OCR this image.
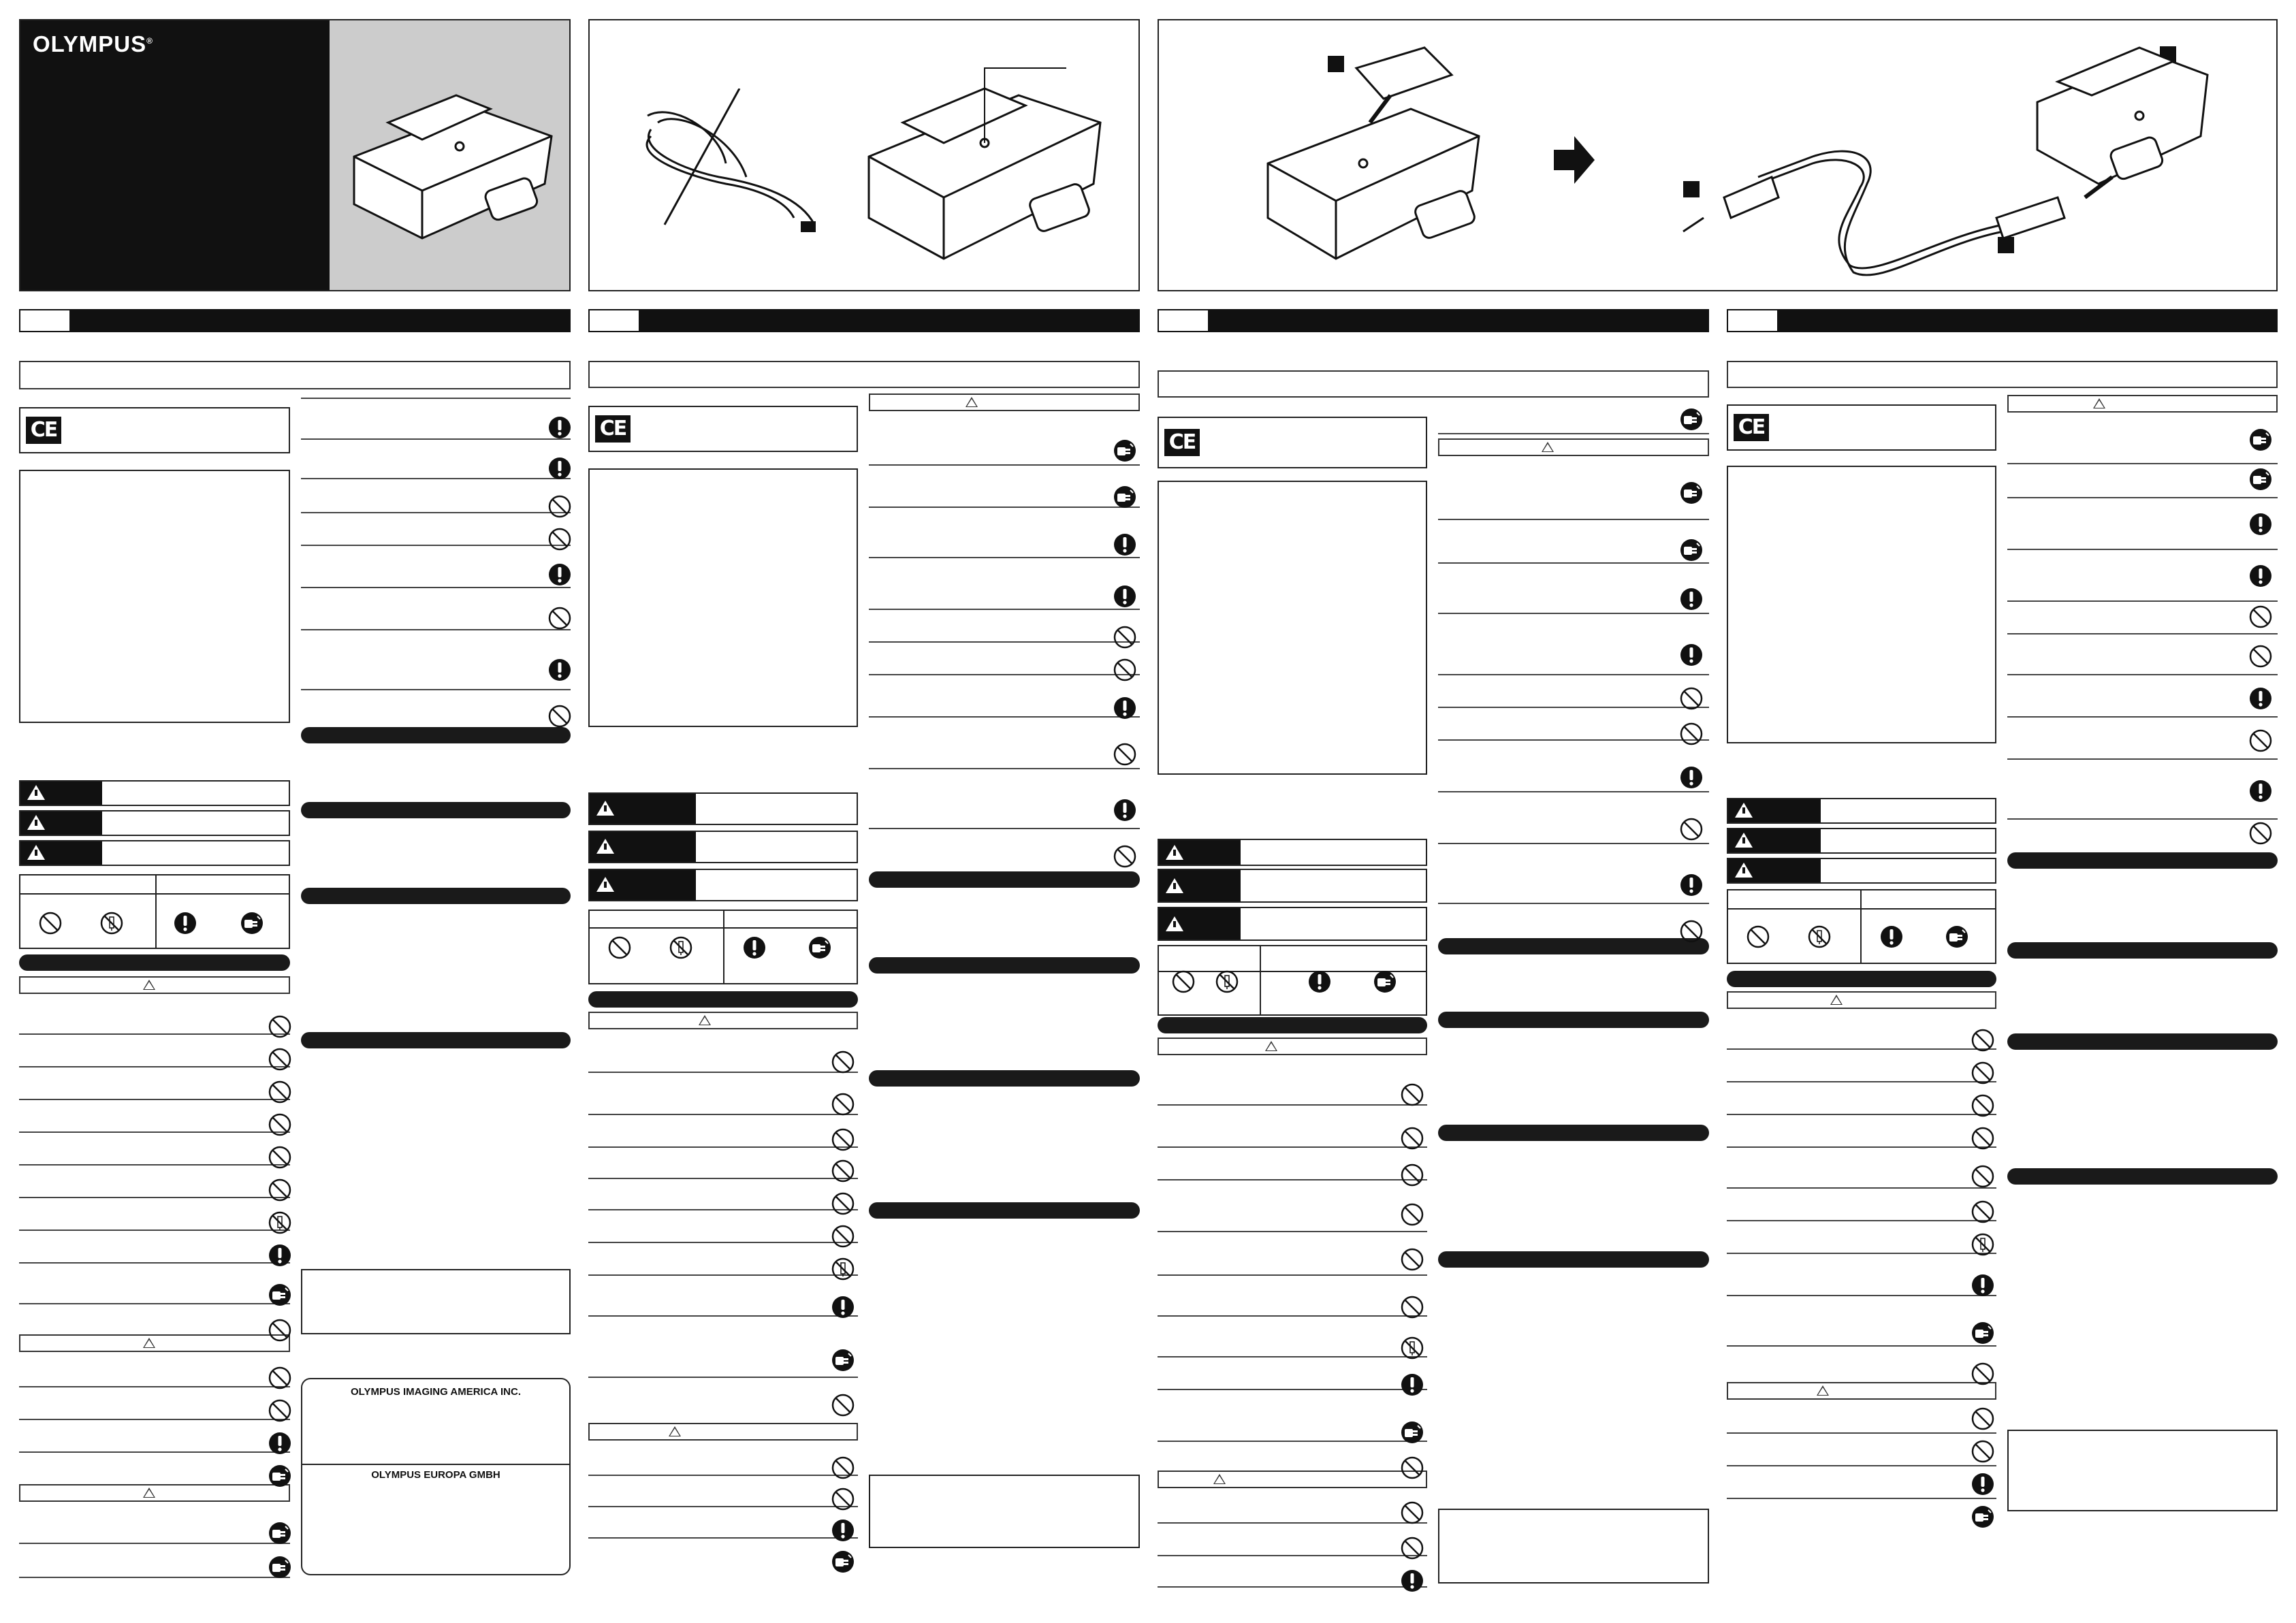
OLYMPUS®
CE
OLYMPUS IMAGING AMERICA INC.
OLYMPUS EUROPA GMBH
CE
CE
CE
